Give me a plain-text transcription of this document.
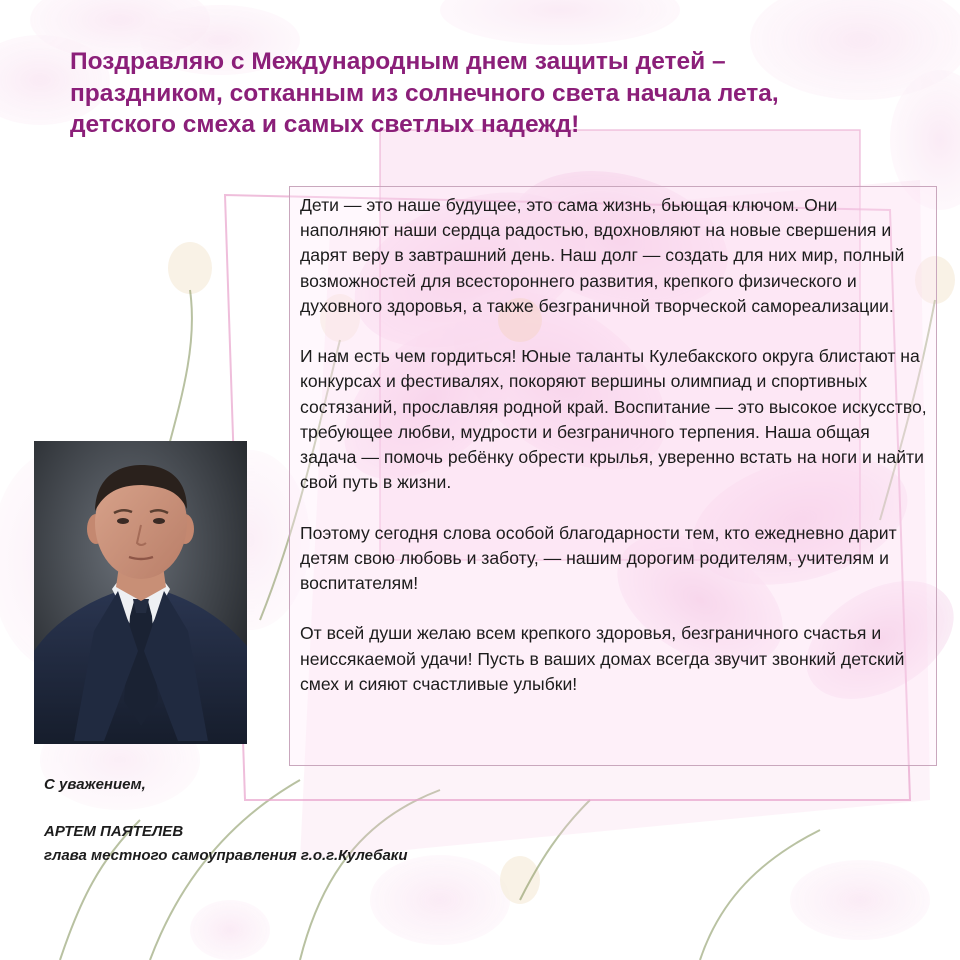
Поздравляю с Международным днем защиты детей – праздником, сотканным из солнечного света начала лета, детского смеха и самых светлых надежд!

Дети — это наше будущее, это сама жизнь, бьющая ключом. Они наполняют наши сердца радостью, вдохновляют на новые свершения и дарят веру в завтрашний день. Наш долг — создать для них мир, полный возможностей для всестороннего развития, крепкого физического и духовного здоровья, а также безграничной творческой самореализации.

И нам есть чем гордиться! Юные таланты Кулебакского округа блистают на конкурсах и фестивалях, покоряют вершины олимпиад и спортивных состязаний, прославляя родной край. Воспитание — это высокое искусство, требующее любви, мудрости и безграничного терпения. Наша общая задача — помочь ребёнку обрести крылья, уверенно встать на ноги и найти свой путь в жизни.

Поэтому сегодня слова особой благодарности тем, кто ежедневно дарит детям свою любовь и заботу, — нашим дорогим родителям, учителям и воспитателям!

От всей души желаю всем крепкого здоровья, безграничного счастья и неиссякаемой удачи! Пусть в ваших домах всегда звучит звонкий детский смех и сияют счастливые улыбки!

С уважением,
АРТЕМ ПАЯТЕЛЕВ
глава местного самоуправления г.о.г.Кулебаки
